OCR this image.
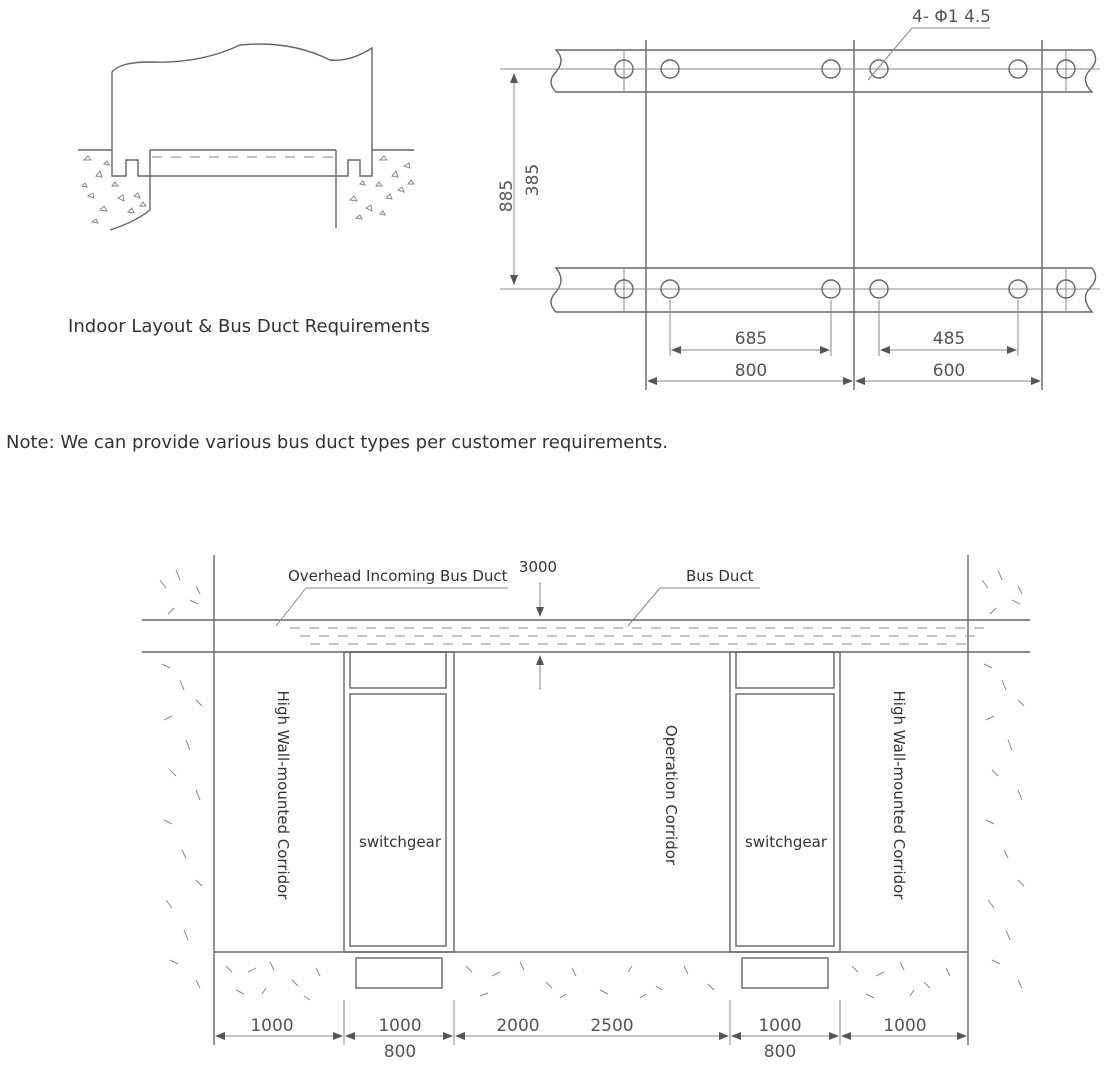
Indoor Layout & Bus Duct Requirements
4- Φ1 4.5
885 385
685	485
800	600
Overhead Incoming Bus Duct	Bus Duct
3000
High Wall-mounted Corridor	Operation Corridor	High Wall-mounted Corridor
switchgear	switchgear
1000	1000	2000	2500	1000	1000
800	800

Note: We can provide various bus duct types per customer requirements.
